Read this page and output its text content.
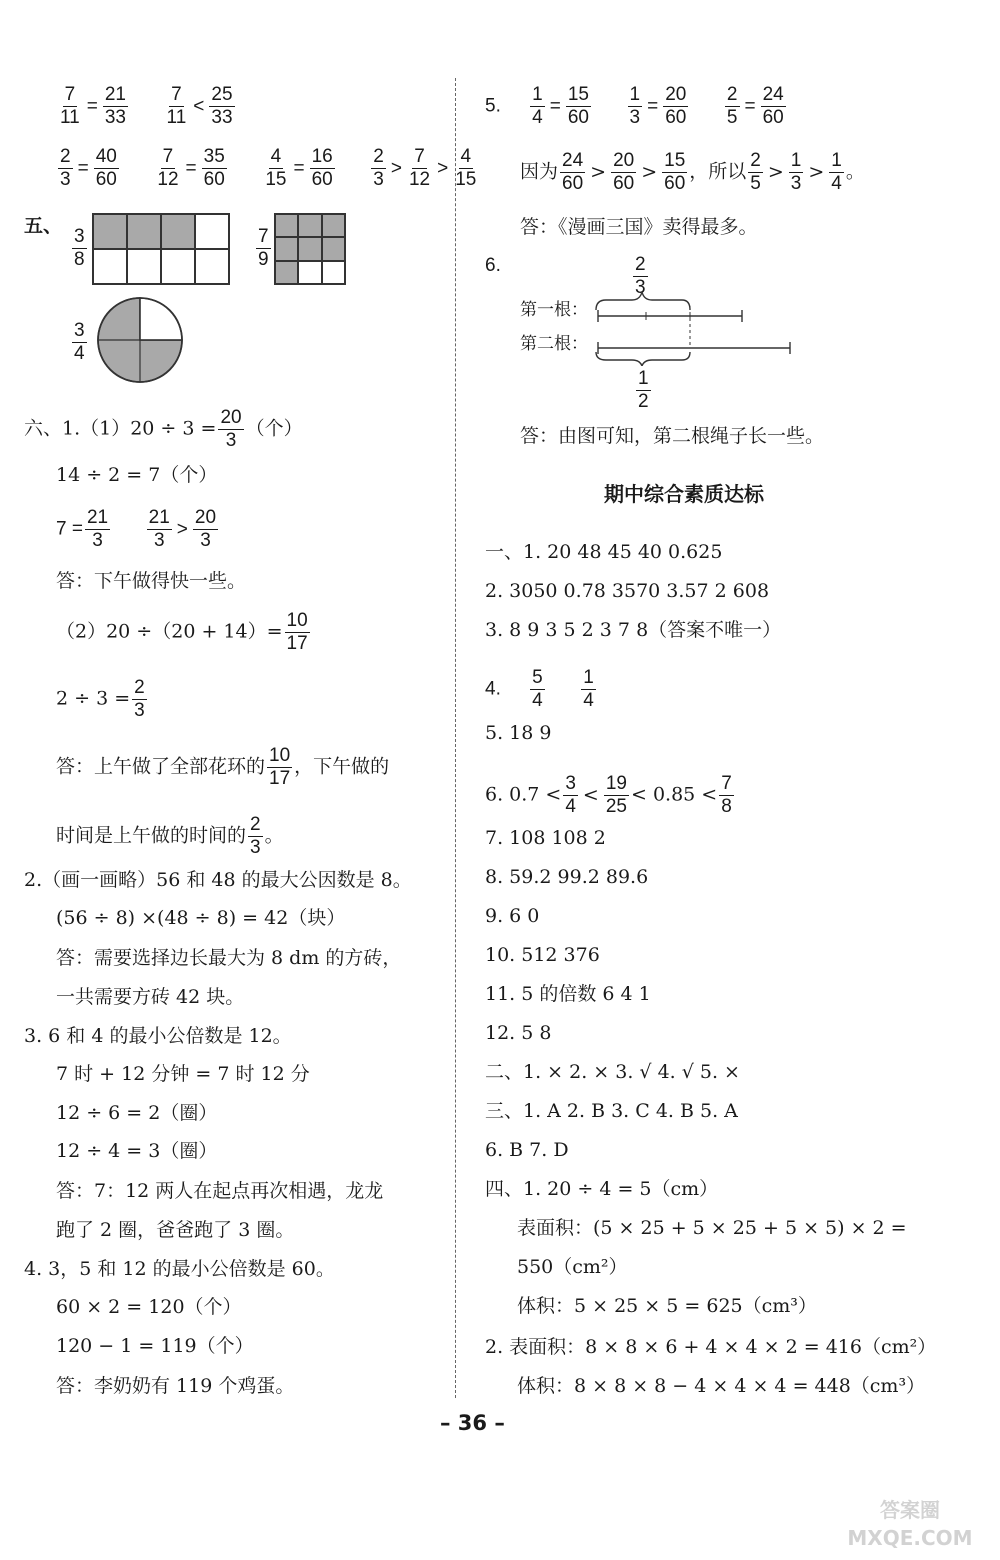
$\frac{7}{11} = \frac{21}{33}$
$\frac{7}{11} < \frac{25}{33}$
$\frac{2}{3} = \frac{40}{60}$
$\frac{7}{12} = \frac{35}{60}$
$\frac{4}{15} = \frac{16}{60}$
$\frac{2}{3} > \frac{7}{12} > \frac{4}{15}$
五、 $\frac{3}{8}$	$\frac{7}{9}$
$\frac{3}{4}$
六、$1.(1)20 \div 3 = \frac{20}{3}$ （个）
14 ÷ 2 = 7（个）
$7 = \frac{21}{3}$
$\frac{21}{3} > \frac{20}{3}$
答：下午做得快一些。
$(2)20 \div(20 + 14)= \frac{10}{17}$
$2 \div 3 = \frac{2}{3}$
答：上午做了全部花环的 $\frac{10}{17}$ ，下午做的
时间是上午做的时间的 $\frac{2}{3}$ 。
2.（画一画略）56 和 48 的最大公因数是 8。
(56 ÷ 8) ×(48 ÷ 8) = 42（块）
答：需要选择边长最大为 8 dm 的方砖，
一共需要方砖 42 块。
3. 6 和 4 的最小公倍数是 12。
7 时 + 12 分钟 = 7 时 12 分
12 ÷ 6 = 2（圈）
12 ÷ 4 = 3（圈）
答：7：12 两人在起点再次相遇，龙龙
跑了 2 圈，爸爸跑了 3 圈。
4. 3，5 和 12 的最小公倍数是 60。
60 × 2 = 120（个）
120 − 1 = 119（个）
答：李奶奶有 119 个鸡蛋。
5. $\frac{1}{4} = \frac{15}{60}$
$\frac{1}{3} = \frac{20}{60}$
$\frac{2}{5} = \frac{24}{60}$
因为 $\frac{24}{60} > \frac{20}{60} > \frac{15}{60}$ ，所以 $\frac{2}{5} > \frac{1}{3} > \frac{1}{4}$ 。
答：《漫画三国》卖得最多。
6.	$\frac{2}{3}$
第一根：
第二根：
$\frac{1}{2}$
答：由图可知，第二根绳子长一些。
期中综合素质达标
一、1. 20 48 45 40 0.625
2. 3050 0.78 3570 3.57 2 608
3. 8 9 3 5 2 3 7 8（答案不唯一）
4. $\frac{5}{4}$
$\frac{1}{4}$
5. 18 9
6. $0.7 < \frac{3}{4} < \frac{19}{25} < 0.85 < \frac{7}{8}$
7. 108 108 2
8. 59.2 99.2 89.6
9. 6 0
10. 512 376
11. 5 的倍数 6 4 1
12. 5 8
二、1. × 2. × 3. √ 4. √ 5. ×
三、1. A 2. B 3. C 4. B 5. A
6. B 7. D
四、1. 20 ÷ 4 = 5（cm）
表面积：(5 × 25 + 5 × 25 + 5 × 5) × 2 =
550（cm²）
体积：5 × 25 × 5 = 625（cm³）
2. 表面积：8 × 8 × 6 + 4 × 4 × 2 = 416（cm²）
体积：8 × 8 × 8 − 4 × 4 × 4 = 448（cm³）
– 36 –
答案圈 MXQE.COM
